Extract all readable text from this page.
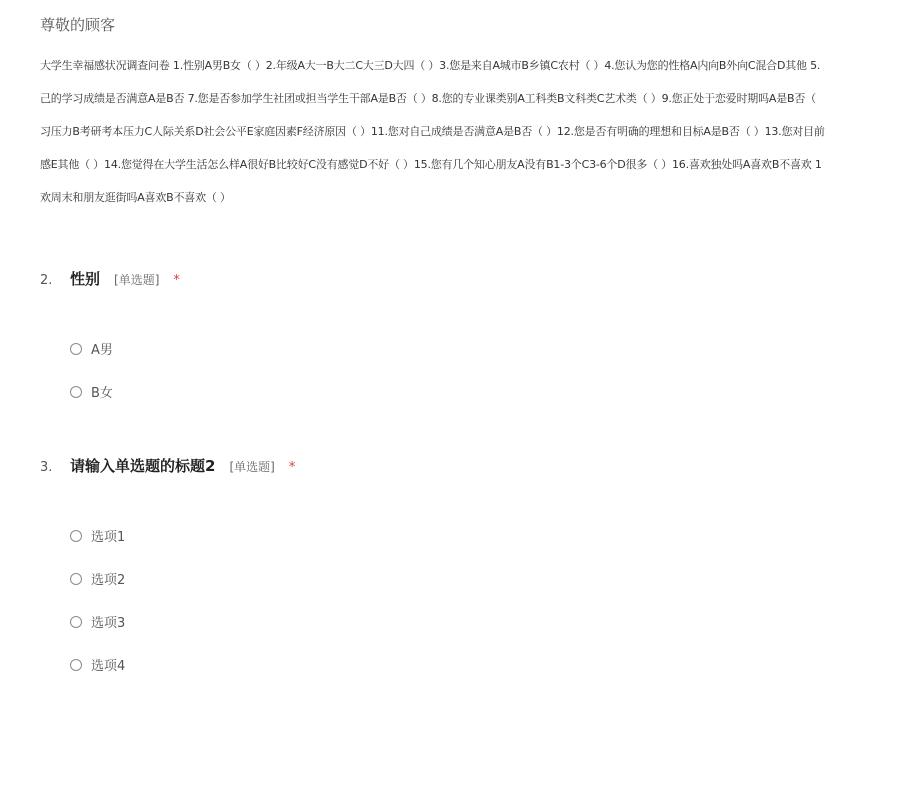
尊敬的顾客
大学生幸福感状况调查问卷 1.性别A男B女（ ）2.年级A大一B大二C大三D大四（ ）3.您是来自A城市B乡镇C农村（ ）4.您认为您的性格A内向B外向C混合D其他 5.
己的学习成绩是否满意A是B否 7.您是否参加学生社团或担当学生干部A是B否（ ）8.您的专业课类别A工科类B文科类C艺术类（ ）9.您正处于恋爱时期吗A是B否（
习压力B考研考本压力C人际关系D社会公平E家庭因素F经济原因（ ）11.您对自己成绩是否满意A是B否（ ）12.您是否有明确的理想和目标A是B否（ ）13.您对目前
感E其他（ ）14.您觉得在大学生活怎么样A很好B比较好C没有感觉D不好（ ）15.您有几个知心朋友A没有B1-3个C3-6个D很多（ ）16.喜欢独处吗A喜欢B不喜欢 1
欢周末和朋友逛街吗A喜欢B不喜欢（ ）
2.	性别 [单选题] *
A男
B女
3.	请输入单选题的标题2 [单选题] *
选项1
选项2
选项3
选项4
